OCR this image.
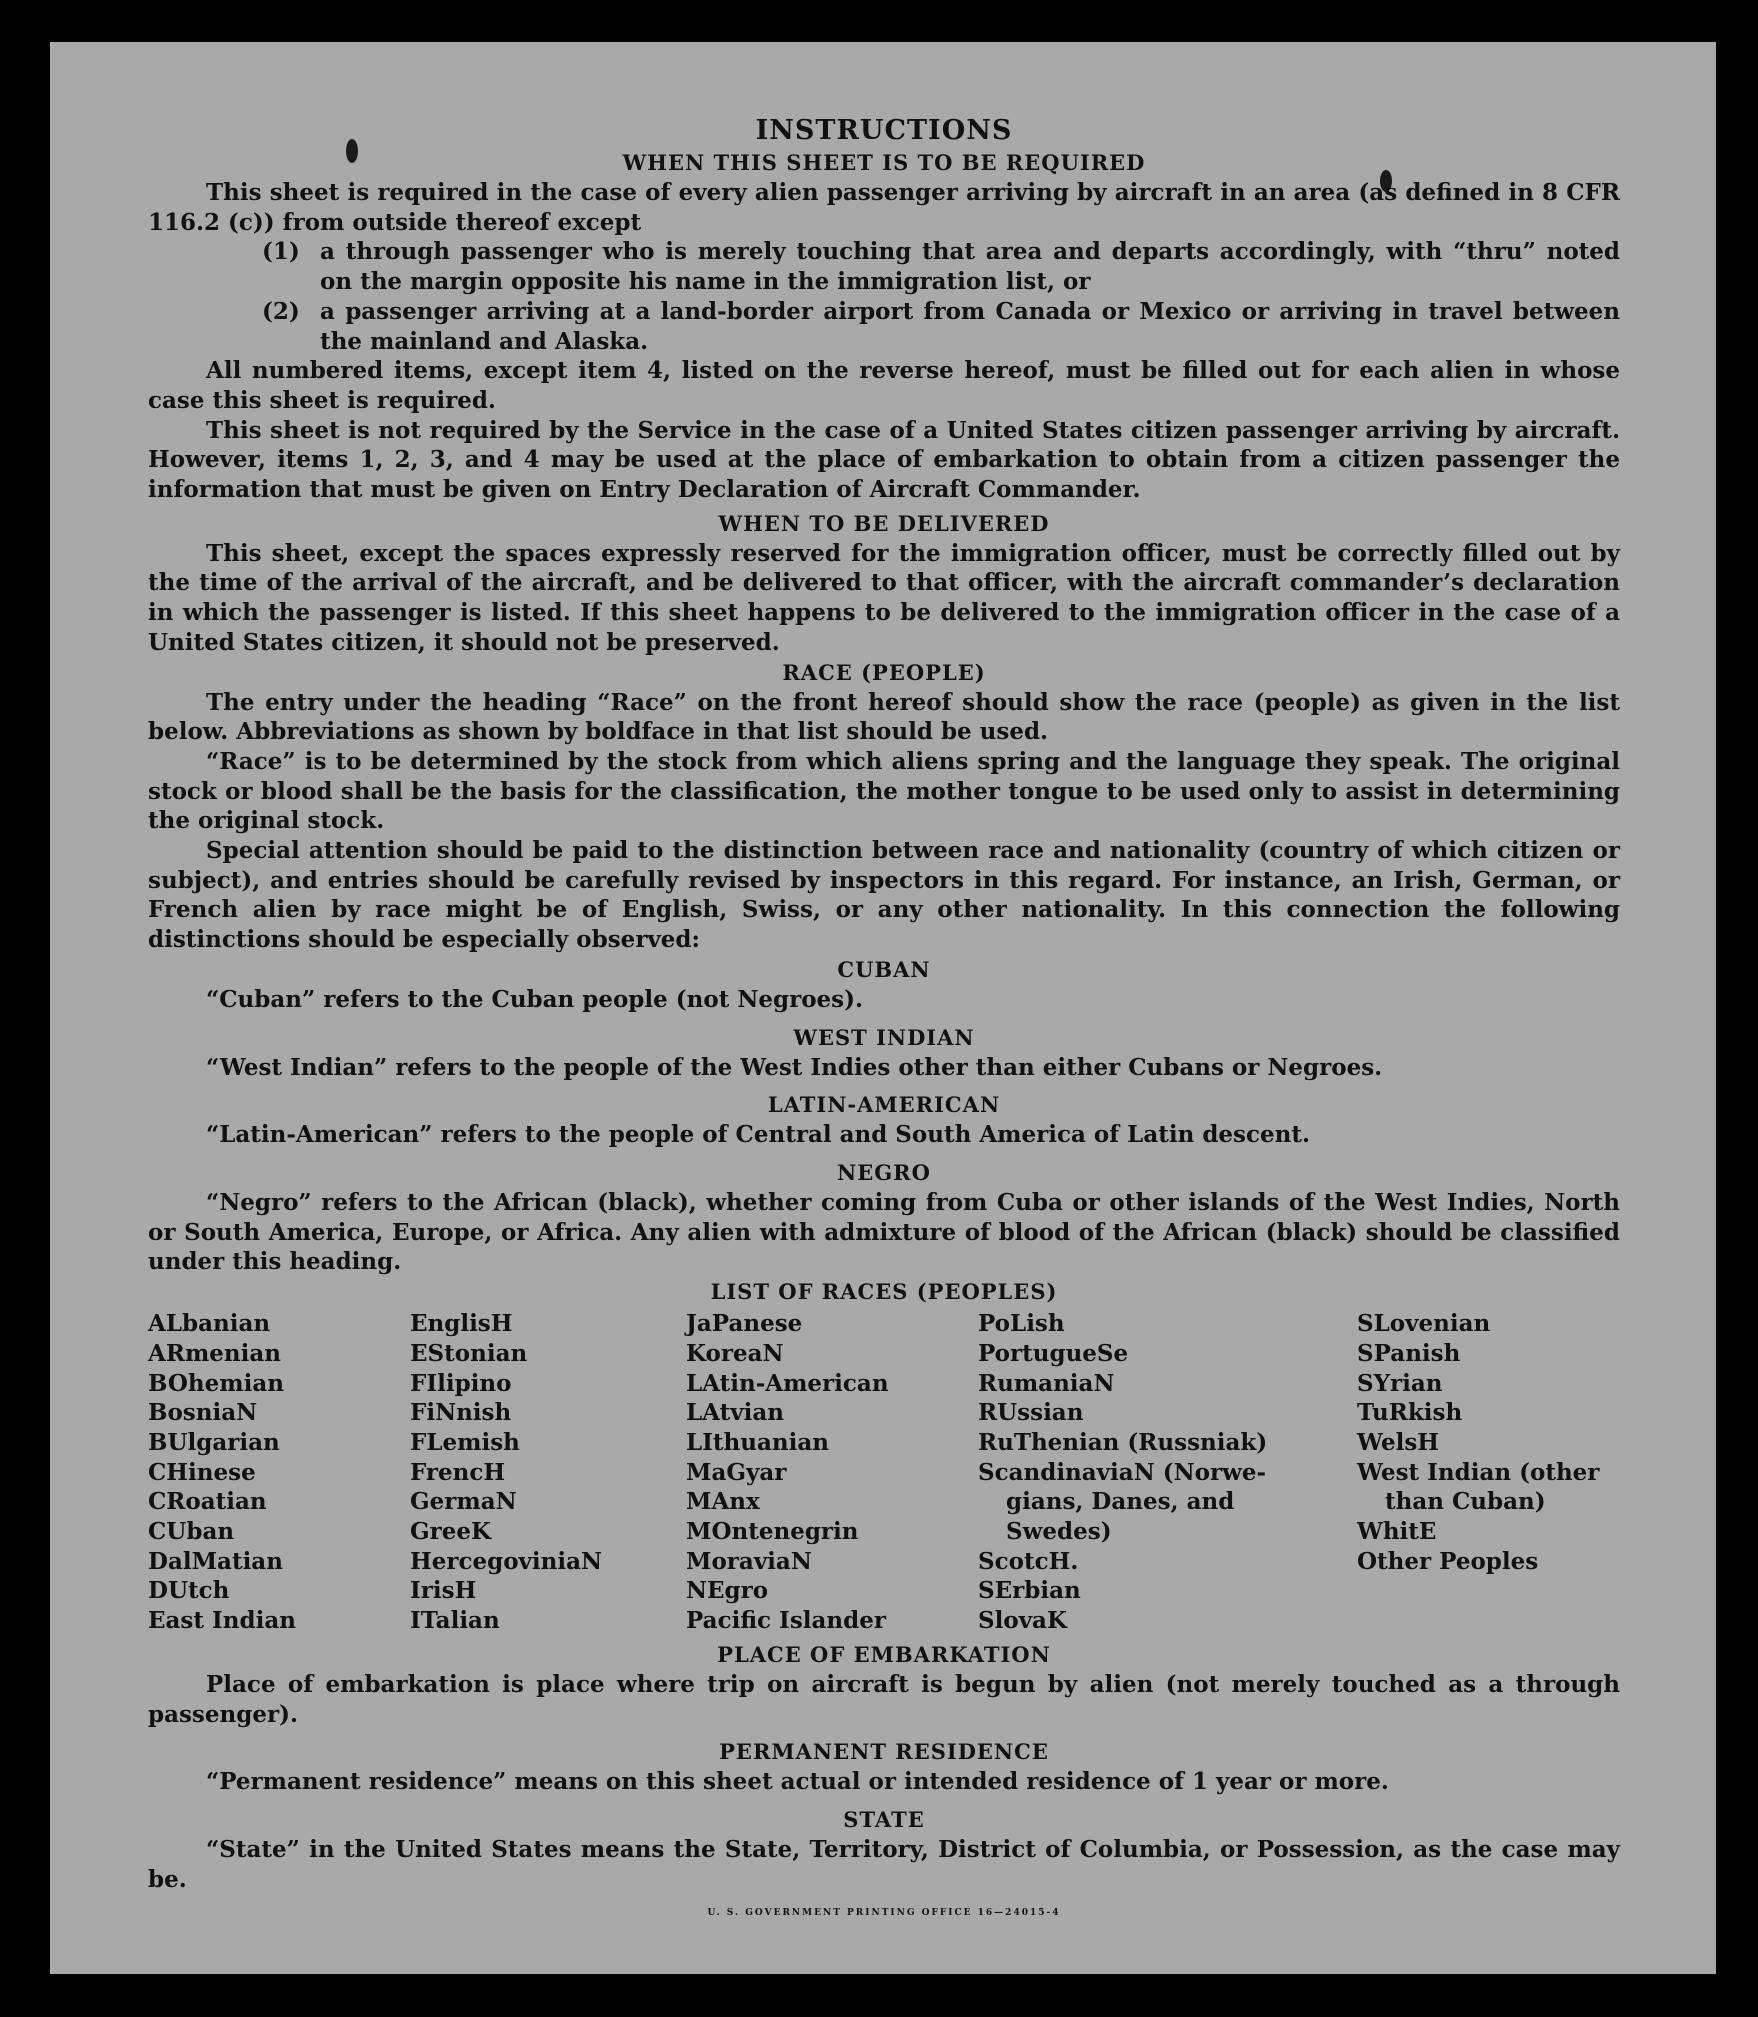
INSTRUCTIONS
WHEN THIS SHEET IS TO BE REQUIRED
This sheet is required in the case of every alien passenger arriving by aircraft in an area (as defined in 8 CFR 116.2 (c)) from outside thereof except
(1) a through passenger who is merely touching that area and departs accordingly, with “thru” noted on the margin opposite his name in the immigration list, or
(2) a passenger arriving at a land-border airport from Canada or Mexico or arriving in travel between the mainland and Alaska.
All numbered items, except item 4, listed on the reverse hereof, must be filled out for each alien in whose case this sheet is required.
This sheet is not required by the Service in the case of a United States citizen passenger arriving by aircraft. However, items 1, 2, 3, and 4 may be used at the place of embarkation to obtain from a citizen passenger the information that must be given on Entry Declaration of Aircraft Commander.
WHEN TO BE DELIVERED
This sheet, except the spaces expressly reserved for the immigration officer, must be correctly filled out by the time of the arrival of the aircraft, and be delivered to that officer, with the aircraft commander’s declaration in which the passenger is listed. If this sheet happens to be delivered to the immigration officer in the case of a United States citizen, it should not be preserved.
RACE (PEOPLE)
The entry under the heading “Race” on the front hereof should show the race (people) as given in the list below. Abbreviations as shown by boldface in that list should be used.
“Race” is to be determined by the stock from which aliens spring and the language they speak. The original stock or blood shall be the basis for the classification, the mother tongue to be used only to assist in determining the original stock.
Special attention should be paid to the distinction between race and nationality (country of which citizen or subject), and entries should be carefully revised by inspectors in this regard. For instance, an Irish, German, or French alien by race might be of English, Swiss, or any other nationality. In this connection the following distinctions should be especially observed:
CUBAN
“Cuban” refers to the Cuban people (not Negroes).
WEST INDIAN
“West Indian” refers to the people of the West Indies other than either Cubans or Negroes.
LATIN-AMERICAN
“Latin-American” refers to the people of Central and South America of Latin descent.
NEGRO
“Negro” refers to the African (black), whether coming from Cuba or other islands of the West Indies, North or South America, Europe, or Africa. Any alien with admixture of blood of the African (black) should be classified under this heading.
LIST OF RACES (PEOPLES)
ALbanian
ARmenian
BOhemian
BosniaN
BUlgarian
CHinese
CRoatian
CUban
DalMatian
DUtch
East Indian
EnglisH
EStonian
FIlipino
FiNnish
FLemish
FrencH
GermaN
GreeK
HercegoviniaN
IrisH
ITalian
JaPanese
KoreaN
LAtin-American
LAtvian
LIthuanian
MaGyar
MAnx
MOntenegrin
MoraviaN
NEgro
Pacific Islander
PoLish
PortugueSe
RumaniaN
RUssian
RuThenian (Russniak)
ScandinaviaN (Norwe-
gians, Danes, and
Swedes)
ScotcH.
SErbian
SlovaK
SLovenian
SPanish
SYrian
TuRkish
WelsH
West Indian (other
than Cuban)
WhitE
Other Peoples
PLACE OF EMBARKATION
Place of embarkation is place where trip on aircraft is begun by alien (not merely touched as a through passenger).
PERMANENT RESIDENCE
“Permanent residence” means on this sheet actual or intended residence of 1 year or more.
STATE
“State” in the United States means the State, Territory, District of Columbia, or Possession, as the case may be.
U. S. GOVERNMENT PRINTING OFFICE 16—24015-4
